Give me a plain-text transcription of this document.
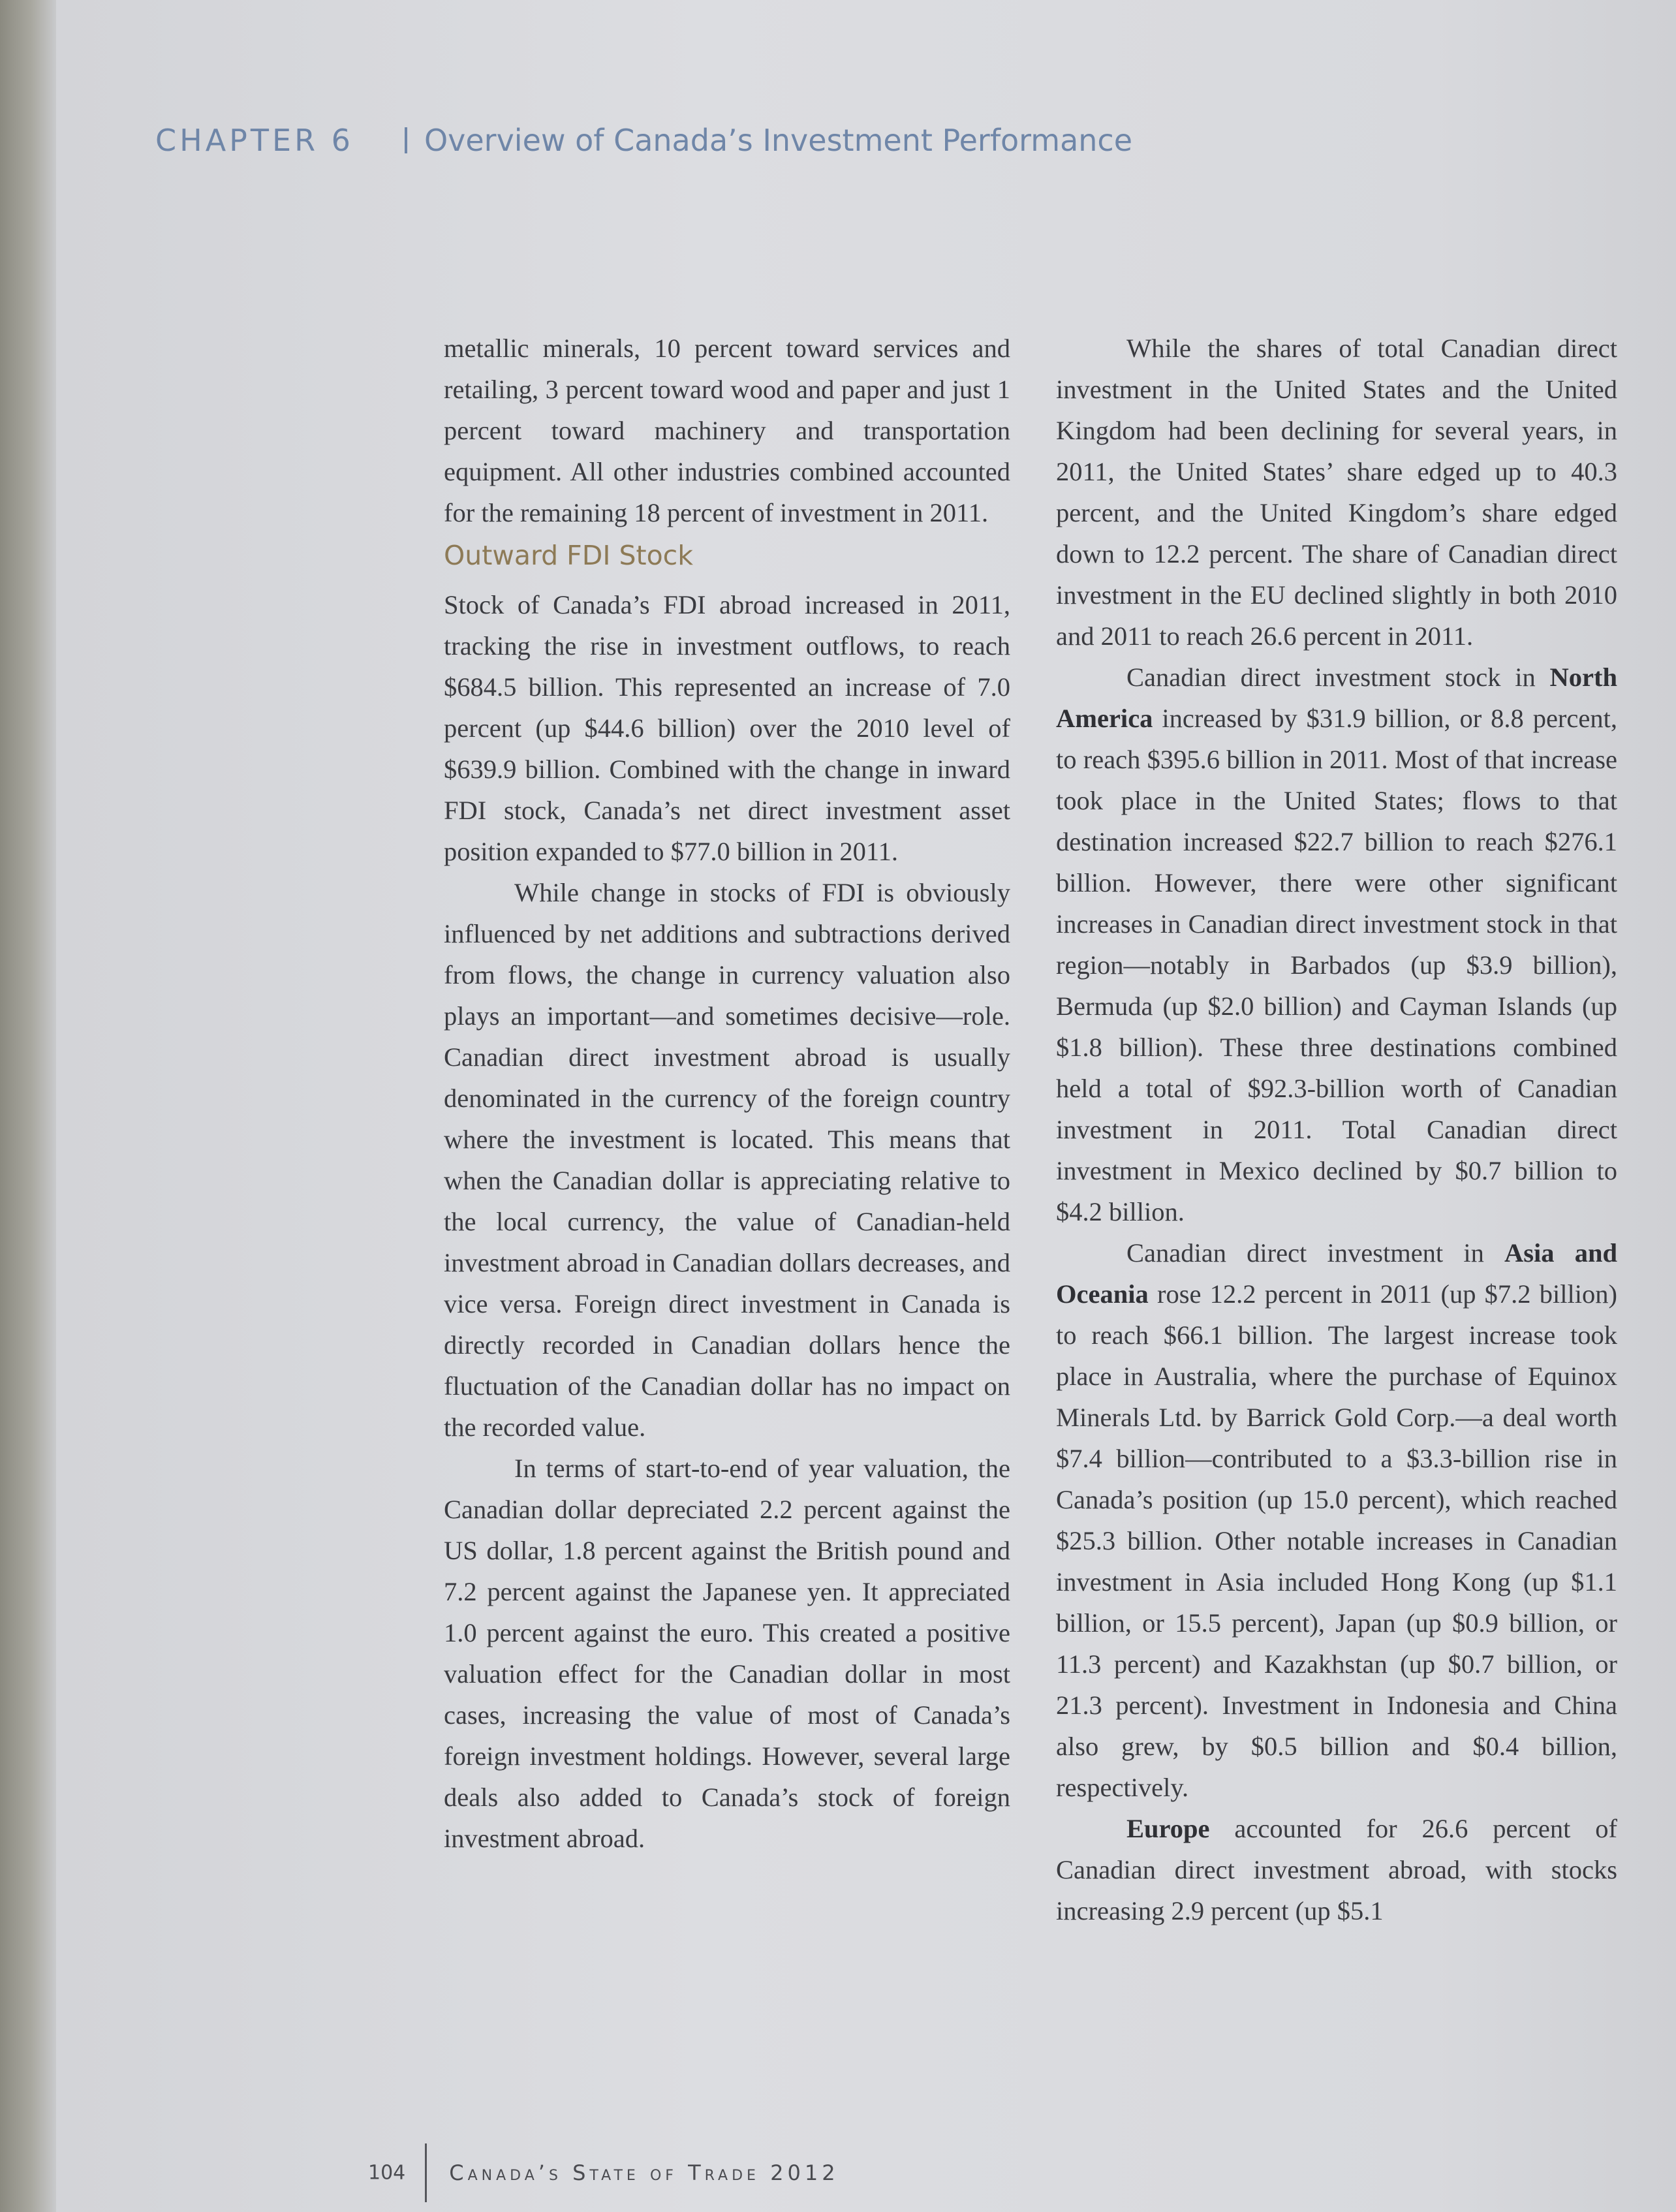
CHAPTER 6 Overview of Canada’s Investment Performance

metallic minerals, 10 percent toward services and retailing, 3 percent toward wood and paper and just 1 percent toward machinery and transportation equipment. All other industries combined accounted for the remaining 18 percent of investment in 2011.

Outward FDI Stock

Stock of Canada’s FDI abroad increased in 2011, tracking the rise in investment outflows, to reach $684.5 billion. This represented an increase of 7.0 percent (up $44.6 billion) over the 2010 level of $639.9 billion. Combined with the change in inward FDI stock, Canada’s net direct investment asset position expanded to $77.0 billion in 2011.

While change in stocks of FDI is obviously influenced by net additions and subtractions derived from flows, the change in currency valuation also plays an important—and sometimes decisive—role. Canadian direct investment abroad is usually denominated in the currency of the foreign country where the investment is located. This means that when the Canadian dollar is appreciating relative to the local currency, the value of Canadian-held investment abroad in Canadian dollars decreases, and vice versa. Foreign direct investment in Canada is directly recorded in Canadian dollars hence the fluctuation of the Canadian dollar has no impact on the recorded value.

In terms of start-to-end of year valuation, the Canadian dollar depreciated 2.2 percent against the US dollar, 1.8 percent against the British pound and 7.2 percent against the Japanese yen. It appreciated 1.0 percent against the euro. This created a positive valuation effect for the Canadian dollar in most cases, increasing the value of most of Canada’s foreign investment holdings. However, several large deals also added to Canada’s stock of foreign investment abroad.

While the shares of total Canadian direct investment in the United States and the United Kingdom had been declining for several years, in 2011, the United States’ share edged up to 40.3 percent, and the United Kingdom’s share edged down to 12.2 percent. The share of Canadian direct investment in the EU declined slightly in both 2010 and 2011 to reach 26.6 percent in 2011.

Canadian direct investment stock in North America increased by $31.9 billion, or 8.8 percent, to reach $395.6 billion in 2011. Most of that increase took place in the United States; flows to that destination increased $22.7 billion to reach $276.1 billion. However, there were other significant increases in Canadian direct investment stock in that region—notably in Barbados (up $3.9 billion), Bermuda (up $2.0 billion) and Cayman Islands (up $1.8 billion). These three destinations combined held a total of $92.3-billion worth of Canadian investment in 2011. Total Canadian direct investment in Mexico declined by $0.7 billion to $4.2 billion.

Canadian direct investment in Asia and Oceania rose 12.2 percent in 2011 (up $7.2 billion) to reach $66.1 billion. The largest increase took place in Australia, where the purchase of Equinox Minerals Ltd. by Barrick Gold Corp.—a deal worth $7.4 billion—contributed to a $3.3-billion rise in Canada’s position (up 15.0 percent), which reached $25.3 billion. Other notable increases in Canadian investment in Asia included Hong Kong (up $1.1 billion, or 15.5 percent), Japan (up $0.9 billion, or 11.3 percent) and Kazakhstan (up $0.7 billion, or 21.3 percent). Investment in Indonesia and China also grew, by $0.5 billion and $0.4 billion, respectively.

Europe accounted for 26.6 percent of Canadian direct investment abroad, with stocks increasing 2.9 percent (up $5.1

104 Canada’s State of Trade 2012
